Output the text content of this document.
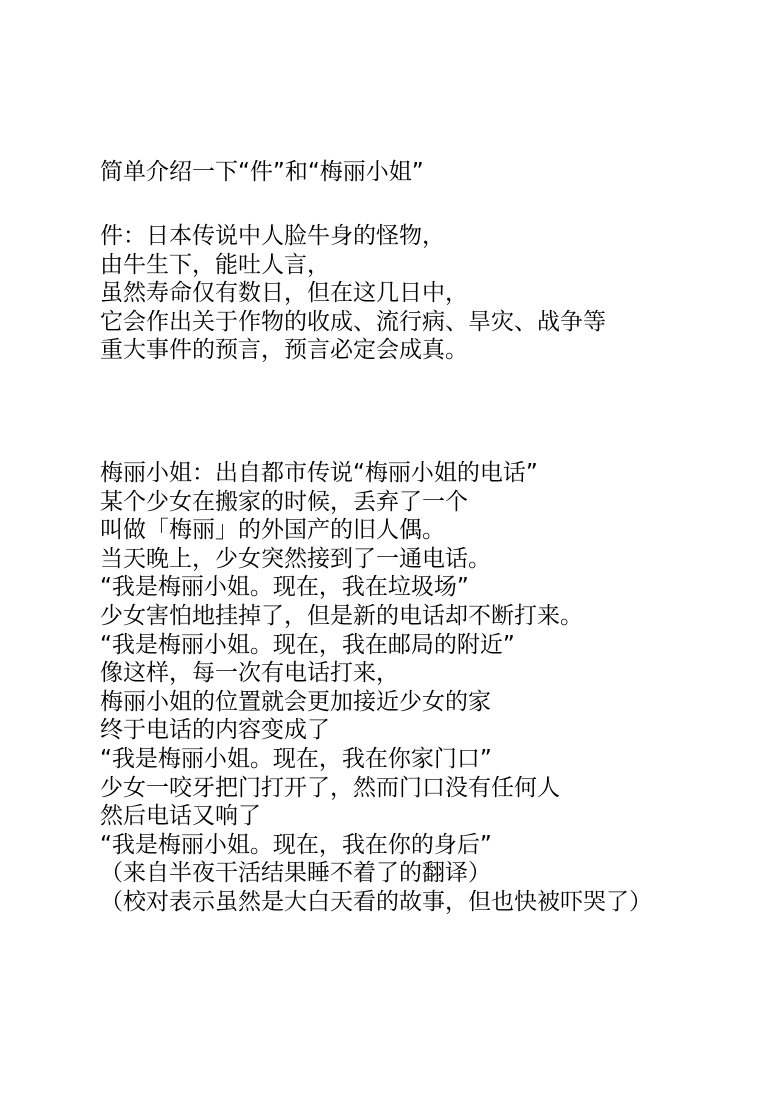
简单介绍一下“件”和“梅丽小姐”
件：日本传说中人脸牛身的怪物，
由牛生下，能吐人言，
虽然寿命仅有数日，但在这几日中，
它会作出关于作物的收成、流行病、旱灾、战争等
重大事件的预言，预言必定会成真。
梅丽小姐：出自都市传说“梅丽小姐的电话”
某个少女在搬家的时候，丢弃了一个
叫做「梅丽」的外国产的旧人偶。
当天晚上，少女突然接到了一通电话。
“我是梅丽小姐。现在，我在垃圾场”
少女害怕地挂掉了，但是新的电话却不断打来。
“我是梅丽小姐。现在，我在邮局的附近”
像这样，每一次有电话打来，
梅丽小姐的位置就会更加接近少女的家
终于电话的内容变成了
“我是梅丽小姐。现在，我在你家门口”
少女一咬牙把门打开了，然而门口没有任何人
然后电话又响了
“我是梅丽小姐。现在，我在你的身后”
（来自半夜干活结果睡不着了的翻译）
（校对表示虽然是大白天看的故事，但也快被吓哭了）
